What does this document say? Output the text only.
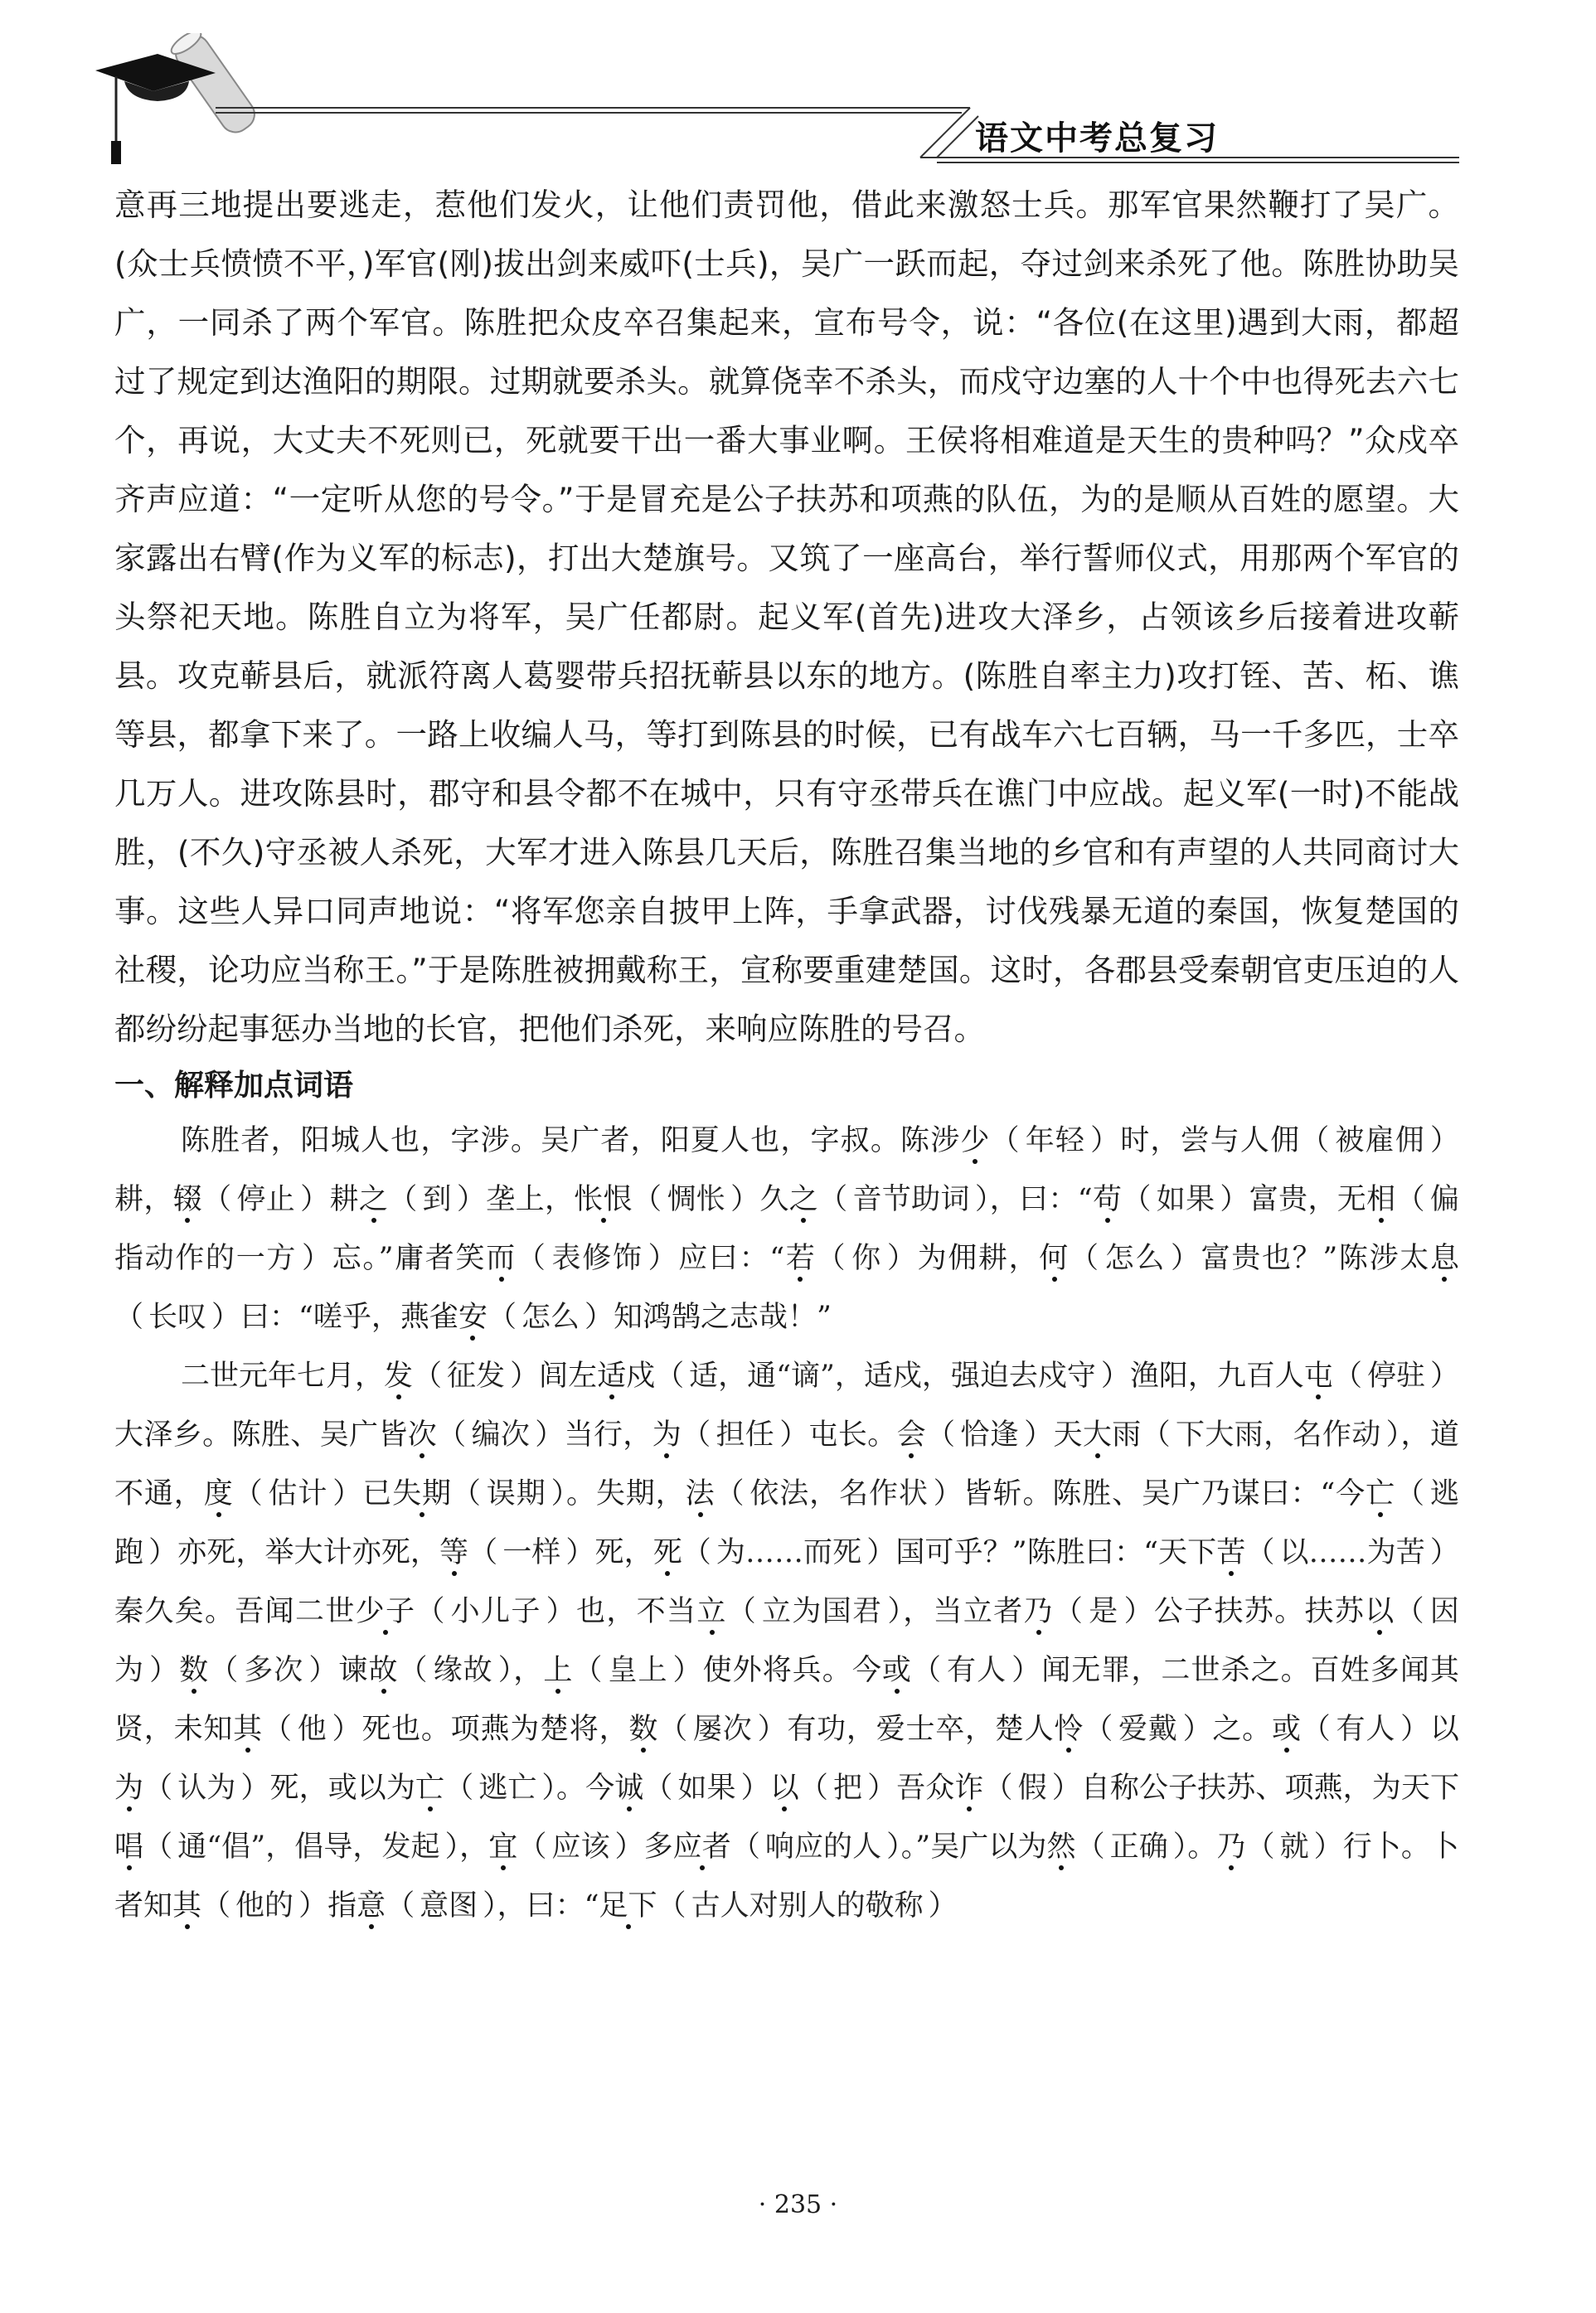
语文中考总复习

意再三地提出要逃走，惹他们发火，让他们责罚他，借此来激怒士兵。那军官果然鞭打了吴广。(众士兵愤愤不平，)军官(刚)拔出剑来威吓(士兵)，吴广一跃而起，夺过剑来杀死了他。陈胜协助吴广，一同杀了两个军官。陈胜把众皮卒召集起来，宣布号令，说：“各位(在这里)遇到大雨，都超过了规定到达渔阳的期限。过期就要杀头。就算侥幸不杀头，而戍守边塞的人十个中也得死去六七个，再说，大丈夫不死则已，死就要干出一番大事业啊。王侯将相难道是天生的贵种吗？”众戍卒齐声应道：“一定听从您的号令。”于是冒充是公子扶苏和项燕的队伍，为的是顺从百姓的愿望。大家露出右臂(作为义军的标志)，打出大楚旗号。又筑了一座高台，举行誓师仪式，用那两个军官的头祭祀天地。陈胜自立为将军，吴广任都尉。起义军(首先)进攻大泽乡，占领该乡后接着进攻蕲县。攻克蕲县后，就派符离人葛婴带兵招抚蕲县以东的地方。(陈胜自率主力)攻打铚、苦、柘、谯等县，都拿下来了。一路上收编人马，等打到陈县的时候，已有战车六七百辆，马一千多匹，士卒几万人。进攻陈县时，郡守和县令都不在城中，只有守丞带兵在谯门中应战。起义军(一时)不能战胜，(不久)守丞被人杀死，大军才进入陈县几天后，陈胜召集当地的乡官和有声望的人共同商讨大事。这些人异口同声地说：“将军您亲自披甲上阵，手拿武器，讨伐残暴无道的秦国，恢复楚国的社稷，论功应当称王。”于是陈胜被拥戴称王，宣称要重建楚国。这时，各郡县受秦朝官吏压迫的人都纷纷起事惩办当地的长官，把他们杀死，来响应陈胜的号召。

一、解释加点词语

陈胜者，阳城人也，字涉。吴广者，阳夏人也，字叔。陈涉少（ 年轻 ）时，尝与人佣（ 被雇佣 ）耕，辍（ 停止 ）耕之（ 到 ）垄上，怅恨（ 惆怅 ）久之（ 音节助词 ），曰：“苟（ 如果 ）富贵，无相（ 偏指动作的一方 ）忘。”庸者笑而（ 表修饰 ）应曰：“若（ 你 ）为佣耕，何（ 怎么 ）富贵也？”陈涉太息（ 长叹 ）曰：“嗟乎，燕雀安（ 怎么 ）知鸿鹄之志哉！”

二世元年七月，发（ 征发 ）闾左适戍（ 适，通“谪”，适戍，强迫去戍守 ）渔阳，九百人屯（ 停驻 ）大泽乡。陈胜、吴广皆次（ 编次 ）当行，为（ 担任 ）屯长。会（ 恰逢 ）天大雨（ 下大雨，名作动 ），道不通，度（ 估计 ）已失期（ 误期 ）。失期，法（ 依法，名作状 ）皆斩。陈胜、吴广乃谋曰：“今亡（ 逃跑 ）亦死，举大计亦死，等（ 一样 ）死，死（ 为……而死 ）国可乎？”陈胜曰：“天下苦（ 以……为苦 ）秦久矣。吾闻二世少子（ 小儿子 ）也，不当立（ 立为国君 ），当立者乃（ 是 ）公子扶苏。扶苏以（ 因为 ）数（ 多次 ）谏故（ 缘故 ），上（ 皇上 ）使外将兵。今或（ 有人 ）闻无罪，二世杀之。百姓多闻其贤，未知其（ 他 ）死也。项燕为楚将，数（ 屡次 ）有功，爱士卒，楚人怜（ 爱戴 ）之。或（ 有人 ）以为（ 认为 ）死，或以为亡（ 逃亡 ）。今诚（ 如果 ）以（ 把 ）吾众诈（ 假 ）自称公子扶苏、项燕，为天下唱（ 通“倡”，倡导，发起 ），宜（ 应该 ）多应者（ 响应的人 ）。”吴广以为然（ 正确 ）。乃（ 就 ）行卜。卜者知其（ 他的 ）指意（ 意图 ），曰：“足下（ 古人对别人的敬称 ）

· 235 ·
